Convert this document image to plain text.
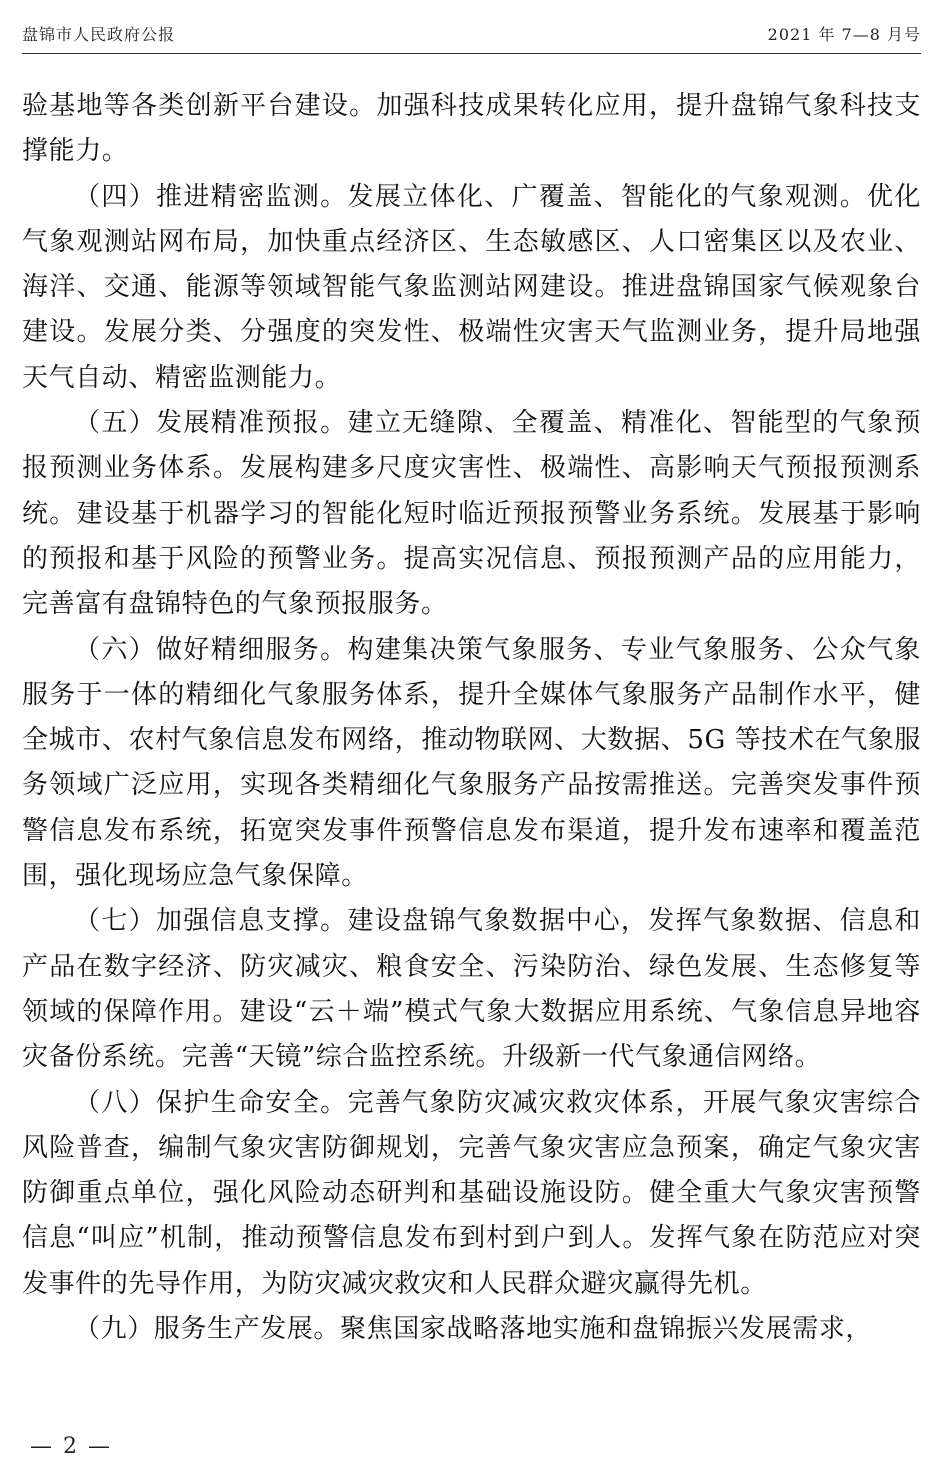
盘锦市人民政府公报	2021 年 7—8 月号

验基地等各类创新平台建设。加强科技成果转化应用，提升盘锦气象科技支撑能力。

（四）推进精密监测。发展立体化、广覆盖、智能化的气象观测。优化气象观测站网布局，加快重点经济区、生态敏感区、人口密集区以及农业、海洋、交通、能源等领域智能气象监测站网建设。推进盘锦国家气候观象台建设。发展分类、分强度的突发性、极端性灾害天气监测业务，提升局地强天气自动、精密监测能力。

（五）发展精准预报。建立无缝隙、全覆盖、精准化、智能型的气象预报预测业务体系。发展构建多尺度灾害性、极端性、高影响天气预报预测系统。建设基于机器学习的智能化短时临近预报预警业务系统。发展基于影响的预报和基于风险的预警业务。提高实况信息、预报预测产品的应用能力，完善富有盘锦特色的气象预报服务。

（六）做好精细服务。构建集决策气象服务、专业气象服务、公众气象服务于一体的精细化气象服务体系，提升全媒体气象服务产品制作水平，健全城市、农村气象信息发布网络，推动物联网、大数据、5G 等技术在气象服务领域广泛应用，实现各类精细化气象服务产品按需推送。完善突发事件预警信息发布系统，拓宽突发事件预警信息发布渠道，提升发布速率和覆盖范围，强化现场应急气象保障。

（七）加强信息支撑。建设盘锦气象数据中心，发挥气象数据、信息和产品在数字经济、防灾减灾、粮食安全、污染防治、绿色发展、生态修复等领域的保障作用。建设“云＋端”模式气象大数据应用系统、气象信息异地容灾备份系统。完善“天镜”综合监控系统。升级新一代气象通信网络。

（八）保护生命安全。完善气象防灾减灾救灾体系，开展气象灾害综合风险普查，编制气象灾害防御规划，完善气象灾害应急预案，确定气象灾害防御重点单位，强化风险动态研判和基础设施设防。健全重大气象灾害预警信息“叫应”机制，推动预警信息发布到村到户到人。发挥气象在防范应对突发事件的先导作用，为防灾减灾救灾和人民群众避灾赢得先机。

（九）服务生产发展。聚焦国家战略落地实施和盘锦振兴发展需求，

— 2 —
